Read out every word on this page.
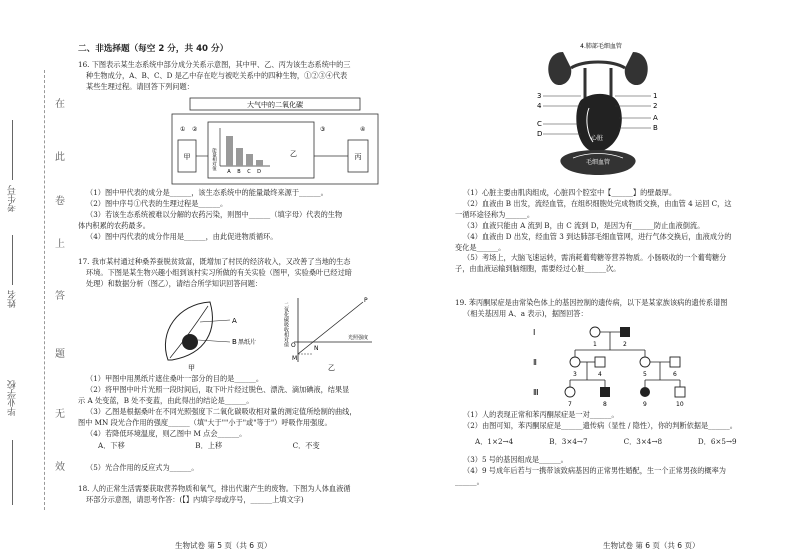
在
此
卷
上
答
题
无
效
考生号
姓名
毕业学校

二、非选择题（每空 2 分，共 40 分）

16. 下图表示某生态系统中部分成分关系示意图，其中甲、乙、丙为该生态系统中的三

种生物成分，A、B、C、D 是乙中存在吃与被吃关系中的四种生物，①②③④代表

某些生理过程。请回答下列问题：

大气中的二氧化碳
甲	丙
能量相对值
A B C D
乙
① ②	③	④

（1）图中甲代表的成分是______，该生态系统中的能量最终来源于______。

（2）图中序号①代表的生理过程是______。

（3）若该生态系统被难以分解的农药污染，则图中______（填字母）代表的生物

体内积累的农药最多。

（4）图中丙代表的成分作用是______，由此促进物质循环。

17. 我市某村通过种桑养蚕脱贫致富，既增加了村民的经济收入，又改善了当地的生态

环境。下图是某生物兴趣小组到该村实习所做的有关实验（图甲，实验桑叶已经过暗

处理）和数据分析（图乙），请结合所学知识回答问题：

A
B 黑纸片
甲
二氧化碳吸收相对值	光照强度
P
N
M
O
乙

（1）甲图中用黑纸片遮住桑叶一部分的目的是______。

（2）将甲图中叶片光照一段时间后，取下叶片经过脱色、漂洗、滴加碘液，结果显

示 A 处变蓝，B 处不变蓝，由此得出的结论是______。

（3）乙图是根据桑叶在不同光照强度下二氧化碳吸收相对量的测定值所绘制的曲线，

图中 MN 段光合作用的强度______（填"大于""小于"或"等于"）呼吸作用强度。

（4）若降低环境温度，则乙图中 M 点会______。

A．下移	B．上移	C．不变

（5）光合作用的反应式为______。

18. 人的正常生活需要获取营养物质和氧气，排出代谢产生的废物。下图为人体血液循

环部分示意图，请思考作答：(【】内填字母或序号，______上填文字)

生物试卷 第 5 页（共 6 页）
4.肺部毛细血管
心脏
毛细血管
3
4
1
2
C
D
A
B

（1）心脏主要由肌肉组成，心脏四个腔室中【______】的壁最厚。

（2）血液由 B 出发，流经血管，在组织细胞处完成物质交换，由血管 4 运回 C，这

一循环途径称为______。

（3）血液只能由 A 流到 B，由 C 流到 D，是因为有______防止血液倒流。

（4）血液由 D 出发，经血管 3 到达肺部毛细血管网，进行气体交换后，血液成分的

变化是______。

（5）考场上，大脑飞速运转，需消耗葡萄糖等营养物质。小肠吸收的一个葡萄糖分

子，由血液运输到脑细胞，需要经过心脏______次。

19. 苯丙酮尿症是由常染色体上的基因控制的遗传病，以下是某家族该病的遗传系谱图

（相关基因用 A、a 表示)，据图回答：

Ⅰ
Ⅱ
Ⅲ
1	2
3	4	5	6
7	8	9	10

（1）人的表现正常和苯丙酮尿症是一对______。

（2）由图可知，苯丙酮尿症是______遗传病（显性 / 隐性），你的判断依据是______。

A．1×2→4	B．3×4→7	C．3×4→8	D．6×5→9

（3）5 号的基因组成是______。

（4）9 号成年后若与一携带该致病基因的正常男性婚配，生一个正常男孩的概率为

______。

生物试卷 第 6 页（共 6 页）
